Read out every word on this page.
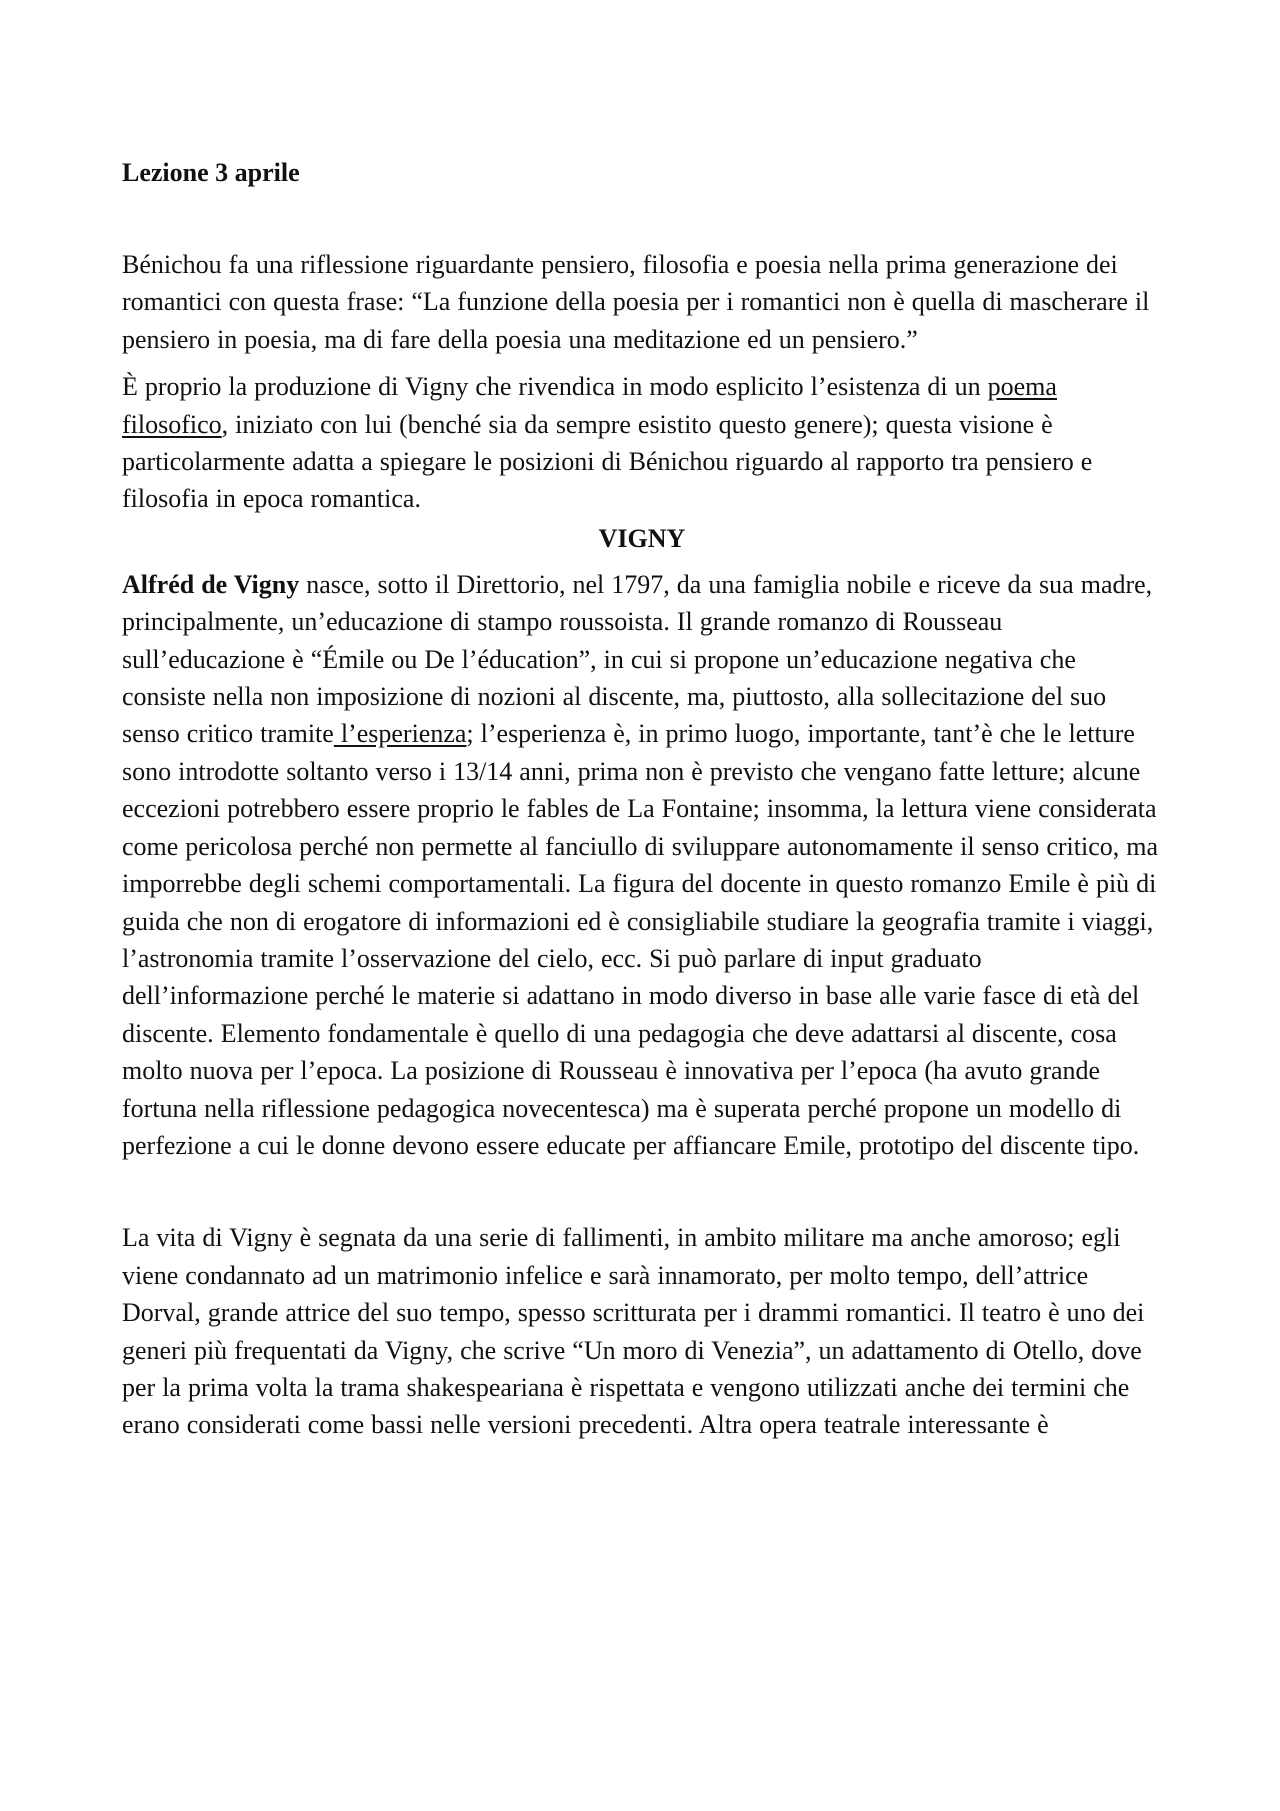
Lezione 3 aprile

Bénichou fa una riflessione riguardante pensiero, filosofia e poesia nella prima generazione dei romantici con questa frase: “La funzione della poesia per i romantici non è quella di mascherare il pensiero in poesia, ma di fare della poesia una meditazione ed un pensiero.”

È proprio la produzione di Vigny che rivendica in modo esplicito l’esistenza di un poema filosofico, iniziato con lui (benché sia da sempre esistito questo genere); questa visione è particolarmente adatta a spiegare le posizioni di Bénichou riguardo al rapporto tra pensiero e filosofia in epoca romantica.

VIGNY

Alfréd de Vigny nasce, sotto il Direttorio, nel 1797, da una famiglia nobile e riceve da sua madre, principalmente, un’educazione di stampo roussoista. Il grande romanzo di Rousseau sull’educazione è “Émile ou De l’éducation”, in cui si propone un’educazione negativa che consiste nella non imposizione di nozioni al discente, ma, piuttosto, alla sollecitazione del suo senso critico tramite l’esperienza; l’esperienza è, in primo luogo, importante, tant’è che le letture sono introdotte soltanto verso i 13/14 anni, prima non è previsto che vengano fatte letture; alcune eccezioni potrebbero essere proprio le fables de La Fontaine; insomma, la lettura viene considerata come pericolosa perché non permette al fanciullo di sviluppare autonomamente il senso critico, ma imporrebbe degli schemi comportamentali. La figura del docente in questo romanzo Emile è più di guida che non di erogatore di informazioni ed è consigliabile studiare la geografia tramite i viaggi, l’astronomia tramite l’osservazione del cielo, ecc. Si può parlare di input graduato dell’informazione perché le materie si adattano in modo diverso in base alle varie fasce di età del discente. Elemento fondamentale è quello di una pedagogia che deve adattarsi al discente, cosa molto nuova per l’epoca. La posizione di Rousseau è innovativa per l’epoca (ha avuto grande fortuna nella riflessione pedagogica novecentesca) ma è superata perché propone un modello di perfezione a cui le donne devono essere educate per affiancare Emile, prototipo del discente tipo.

La vita di Vigny è segnata da una serie di fallimenti, in ambito militare ma anche amoroso; egli viene condannato ad un matrimonio infelice e sarà innamorato, per molto tempo, dell’attrice Dorval, grande attrice del suo tempo, spesso scritturata per i drammi romantici. Il teatro è uno dei generi più frequentati da Vigny, che scrive “Un moro di Venezia”, un adattamento di Otello, dove per la prima volta la trama shakespeariana è rispettata e vengono utilizzati anche dei termini che erano considerati come bassi nelle versioni precedenti. Altra opera teatrale interessante è
